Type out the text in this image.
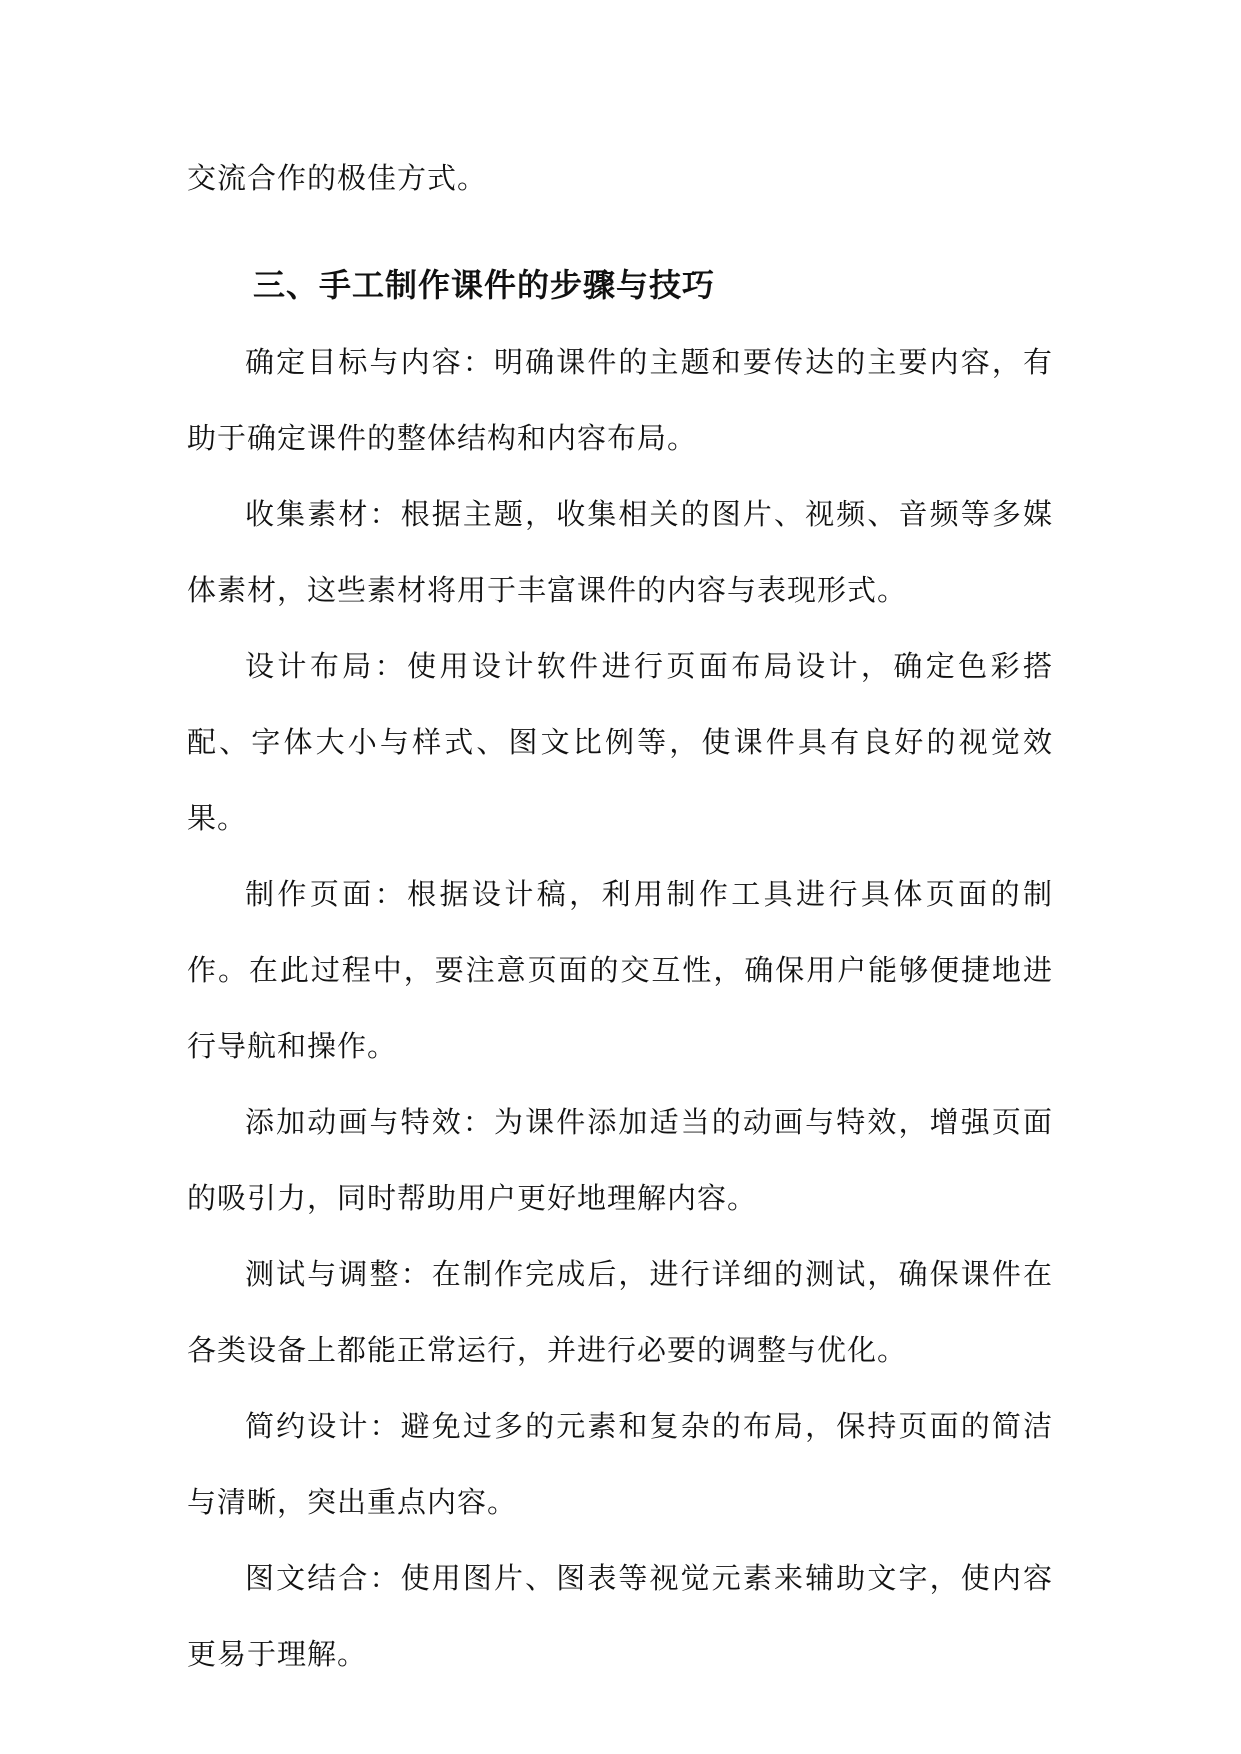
交流合作的极佳方式。

三、手工制作课件的步骤与技巧

确定目标与内容：明确课件的主题和要传达的主要内容，有助于确定课件的整体结构和内容布局。

收集素材：根据主题，收集相关的图片、视频、音频等多媒体素材，这些素材将用于丰富课件的内容与表现形式。

设计布局：使用设计软件进行页面布局设计，确定色彩搭配、字体大小与样式、图文比例等，使课件具有良好的视觉效果。

制作页面：根据设计稿，利用制作工具进行具体页面的制作。在此过程中，要注意页面的交互性，确保用户能够便捷地进行导航和操作。

添加动画与特效：为课件添加适当的动画与特效，增强页面的吸引力，同时帮助用户更好地理解内容。

测试与调整：在制作完成后，进行详细的测试，确保课件在各类设备上都能正常运行，并进行必要的调整与优化。

简约设计：避免过多的元素和复杂的布局，保持页面的简洁与清晰，突出重点内容。

图文结合：使用图片、图表等视觉元素来辅助文字，使内容更易于理解。
